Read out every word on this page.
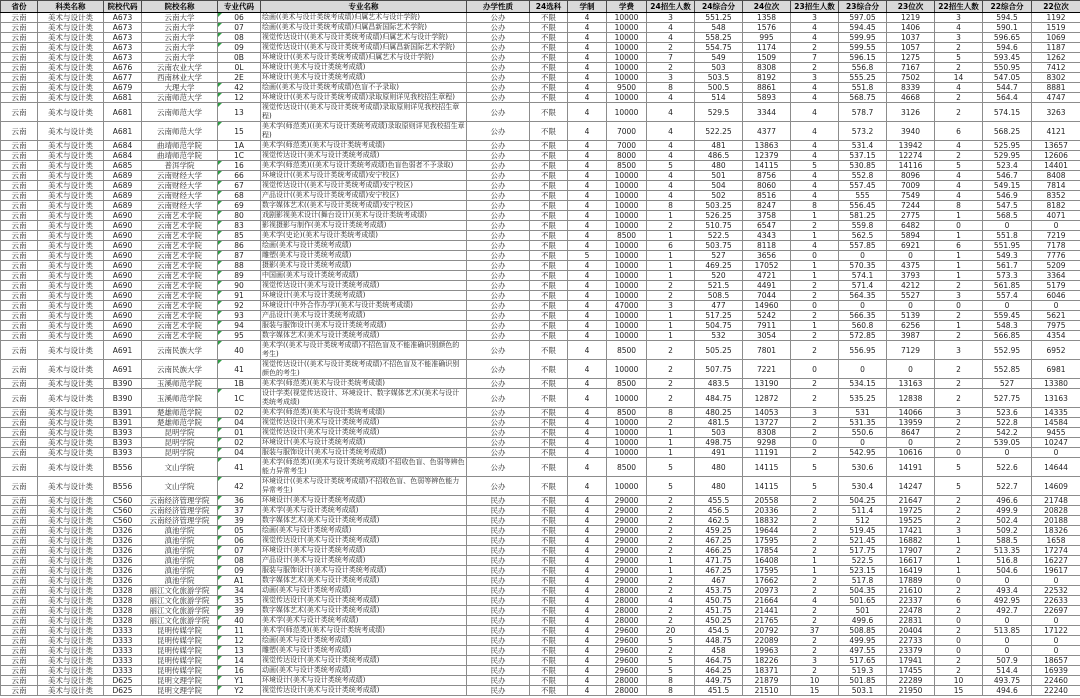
省份	科类名称	院校代码	院校名称	专业代码	专业名称	办学性质	24选科	学制	学费	24招生人数	24综合分	24位次	23招生人数	23综合分	23位次	22招生人数	22综合分	22位次
云南	美术与设计类	A673	云南大学	06	绘画((美术与设计类统考成绩)归属艺术与设计学院)	公办	不限	4	10000	3	551.25	1358	3	597.05	1219	3	594.5	1192
云南	美术与设计类	A673	云南大学	07	绘画((美术与设计类统考成绩)归属昌新国际艺术学院)	公办	不限	4	10000	4	548	1576	4	594.45	1406	4	590.1	1519
云南	美术与设计类	A673	云南大学	08	视觉传达设计((美术与设计类统考成绩)归属艺术与设计学院)	公办	不限	4	10000	4	558.25	995	4	599.95	1037	3	596.65	1069
云南	美术与设计类	A673	云南大学	09	视觉传达设计((美术与设计类统考成绩)归属昌新国际艺术学院)	公办	不限	4	10000	2	554.75	1174	2	599.55	1057	2	594.6	1187
云南	美术与设计类	A673	云南大学	0B	环境设计((美术与设计类统考成绩)归属艺术与设计学院)	公办	不限	4	10000	7	549	1509	7	596.15	1275	5	593.45	1262
云南	美术与设计类	A676	云南农业大学	0L	环境设计(美术与设计类统考成绩)	公办	不限	4	10000	2	503	8308	2	556.8	7167	2	550.95	7412
云南	美术与设计类	A677	西南林业大学	2E	环境设计(美术与设计类统考成绩)	公办	不限	4	10000	3	503.5	8192	3	555.25	7502	14	547.05	8302
云南	美术与设计类	A679	大理大学	42	绘画((美术与设计类统考成绩)色盲不予录取)	公办	不限	4	9500	8	500.5	8861	4	551.8	8339	4	544.7	8881
云南	美术与设计类	A681	云南师范大学	12	环境设计((美术与设计类统考成绩)录取原则详见我校招生章程)	公办	不限	4	10000	4	514	5893	4	568.75	4668	2	564.4	4747
云南	美术与设计类	A681	云南师范大学	13	视觉传达设计((美术与设计类统考成绩)录取原则详见我校招生章程)	公办	不限	4	10000	4	529.5	3344	4	578.7	3126	2	574.15	3263
云南	美术与设计类	A681	云南师范大学	15	美术学(师范类)((美术与设计类统考成绩)录取原则详见我校招生章程)	公办	不限	4	7000	4	522.25	4377	4	573.2	3940	6	568.25	4121
云南	美术与设计类	A684	曲靖师范学院	1A	美术学(师范类)(美术与设计类统考成绩)	公办	不限	4	7000	4	481	13863	4	531.4	13942	4	525.95	13657
云南	美术与设计类	A684	曲靖师范学院	1C	视觉传达设计(美术与设计类统考成绩)	公办	不限	4	8000	4	486.5	12379	4	537.15	12274	2	529.95	12606
云南	美术与设计类	A685	普洱学院	16	美术学(师范类)((美术与设计类统考成绩)色盲色弱者不予录取)	公办	不限	4	8500	5	480	14115	5	530.85	14116	5	523.4	14401
云南	美术与设计类	A689	云南财经大学	66	环境设计((美术与设计类统考成绩)安宁校区)	公办	不限	4	10000	4	501	8756	4	552.8	8096	4	546.7	8408
云南	美术与设计类	A689	云南财经大学	67	视觉传达设计((美术与设计类统考成绩)安宁校区)	公办	不限	4	10000	4	504	8060	4	557.45	7009	4	549.15	7814
云南	美术与设计类	A689	云南财经大学	68	产品设计((美术与设计类统考成绩)安宁校区)	公办	不限	4	10000	4	502	8516	4	555	7549	4	546.9	8352
云南	美术与设计类	A689	云南财经大学	69	数字媒体艺术((美术与设计类统考成绩)安宁校区)	公办	不限	4	10000	8	503.25	8247	8	556.45	7244	8	547.5	8182
云南	美术与设计类	A690	云南艺术学院	80	戏剧影视美术设计(舞台设计)(美术与设计类统考成绩)	公办	不限	4	10000	1	526.25	3758	1	581.25	2775	1	568.5	4071
云南	美术与设计类	A690	云南艺术学院	83	影视摄影与制作(美术与设计类统考成绩)	公办	不限	4	10000	2	510.75	6547	2	559.8	6482	0	0	0
云南	美术与设计类	A690	云南艺术学院	85	美术学(史论)(美术与设计类统考成绩)	公办	不限	4	8500	1	522.5	4343	1	562.5	5894	1	551.8	7219
云南	美术与设计类	A690	云南艺术学院	86	绘画(美术与设计类统考成绩)	公办	不限	4	10000	6	503.75	8118	4	557.85	6921	6	551.95	7178
云南	美术与设计类	A690	云南艺术学院	87	雕塑(美术与设计类统考成绩)	公办	不限	5	10000	1	527	3656	0	0	0	1	549.3	7776
云南	美术与设计类	A690	云南艺术学院	88	摄影(美术与设计类统考成绩)	公办	不限	4	10000	1	469.25	17052	1	570.35	4375	1	561.7	5209
云南	美术与设计类	A690	云南艺术学院	89	中国画(美术与设计类统考成绩)	公办	不限	4	10000	1	520	4721	1	574.1	3793	1	573.3	3364
云南	美术与设计类	A690	云南艺术学院	90	视觉传达设计(美术与设计类统考成绩)	公办	不限	4	10000	2	521.5	4491	2	571.4	4212	2	561.85	5179
云南	美术与设计类	A690	云南艺术学院	91	环境设计(美术与设计类统考成绩)	公办	不限	4	10000	2	508.5	7044	2	564.35	5527	3	557.4	6046
云南	美术与设计类	A690	云南艺术学院	92	环境设计(中外合作办学)(美术与设计类统考成绩)	公办	不限	4	47000	3	477	14960	0	0	0	0	0	0
云南	美术与设计类	A690	云南艺术学院	93	产品设计(美术与设计类统考成绩)	公办	不限	4	10000	1	517.25	5242	2	566.35	5139	2	559.45	5621
云南	美术与设计类	A690	云南艺术学院	94	服装与服饰设计(美术与设计类统考成绩)	公办	不限	4	10000	1	504.75	7911	1	560.8	6256	1	548.3	7975
云南	美术与设计类	A690	云南艺术学院	95	数字媒体艺术(美术与设计类统考成绩)	公办	不限	4	10000	1	532	3054	2	572.85	3987	2	566.85	4354
云南	美术与设计类	A691	云南民族大学	40	美术学((美术与设计类统考成绩)不招色盲及不能准确识别颜色的考生)	公办	不限	4	8500	2	505.25	7801	2	556.95	7129	3	552.95	6952
云南	美术与设计类	A691	云南民族大学	41	视觉传达设计((美术与设计类统考成绩)不招色盲及不能准确识别颜色的考生)	公办	不限	4	10000	2	507.75	7221	0	0	0	2	552.85	6981
云南	美术与设计类	B390	玉溪师范学院	1B	美术学(师范类)(美术与设计类统考成绩)	公办	不限	4	8500	2	483.5	13190	2	534.15	13163	2	527	13380
云南	美术与设计类	B390	玉溪师范学院	1C	设计学类(视觉传达设计、环境设计、数字媒体艺术)(美术与设计类统考成绩)	公办	不限	4	10000	2	484.75	12872	2	535.25	12838	2	527.75	13163
云南	美术与设计类	B391	楚雄师范学院	02	美术学(师范类)(美术与设计类统考成绩)	公办	不限	4	8500	8	480.25	14053	3	531	14066	3	523.6	14335
云南	美术与设计类	B391	楚雄师范学院	04	视觉传达设计(美术与设计类统考成绩)	公办	不限	4	10000	2	481.5	13727	2	531.35	13959	2	522.8	14584
云南	美术与设计类	B393	昆明学院	01	视觉传达设计(美术与设计类统考成绩)	公办	不限	4	10000	1	503	8308	2	550.6	8647	2	542.2	9455
云南	美术与设计类	B393	昆明学院	02	环境设计(美术与设计类统考成绩)	公办	不限	4	10000	1	498.75	9298	0	0	0	2	539.05	10247
云南	美术与设计类	B393	昆明学院	04	服装与服饰设计(美术与设计类统考成绩)	公办	不限	4	10000	1	491	11191	2	542.95	10616	0	0	0
云南	美术与设计类	B556	文山学院	41	美术学(师范类)((美术与设计类统考成绩)不招收色盲、色弱等辨色能力异常考生)	公办	不限	4	8500	5	480	14115	5	530.6	14191	5	522.6	14644
云南	美术与设计类	B556	文山学院	42	环境设计((美术与设计类统考成绩)不招收色盲、色弱等辨色能力异常考生)	公办	不限	4	10000	5	480	14115	5	530.4	14247	5	522.7	14609
云南	美术与设计类	C560	云南经济管理学院	36	环境设计(美术与设计类统考成绩)	民办	不限	4	29000	2	455.5	20558	2	504.25	21647	2	496.6	21748
云南	美术与设计类	C560	云南经济管理学院	37	美术学(美术与设计类统考成绩)	民办	不限	4	29000	2	456.5	20336	2	511.4	19725	2	499.9	20828
云南	美术与设计类	C560	云南经济管理学院	39	数字媒体艺术(美术与设计类统考成绩)	民办	不限	4	29000	2	462.5	18832	2	512	19525	2	502.4	20188
云南	美术与设计类	D326	滇池学院	05	绘画(美术与设计类统考成绩)	民办	不限	4	29000	2	459.25	19644	2	519.45	17421	3	509.2	18326
云南	美术与设计类	D326	滇池学院	06	视觉传达设计(美术与设计类统考成绩)	民办	不限	4	29000	2	467.25	17595	2	521.45	16882	1	588.5	1658
云南	美术与设计类	D326	滇池学院	07	环境设计(美术与设计类统考成绩)	民办	不限	4	29000	2	466.25	17854	2	517.75	17907	2	513.35	17274
云南	美术与设计类	D326	滇池学院	08	产品设计(美术与设计类统考成绩)	民办	不限	4	29000	1	471.75	16408	1	522.5	16617	1	516.8	16227
云南	美术与设计类	D326	滇池学院	09	服装与服饰设计(美术与设计类统考成绩)	民办	不限	4	29000	1	467.25	17595	1	523.15	16419	1	504.6	19617
云南	美术与设计类	D326	滇池学院	A1	数字媒体艺术(美术与设计类统考成绩)	民办	不限	4	29000	2	467	17662	2	517.8	17889	0	0	0
云南	美术与设计类	D328	丽江文化旅游学院	34	动画(美术与设计类统考成绩)	民办	不限	4	28000	2	453.75	20973	2	504.35	21610	2	493.4	22532
云南	美术与设计类	D328	丽江文化旅游学院	35	视觉传达设计(美术与设计类统考成绩)	民办	不限	4	28000	4	450.75	21664	4	501.65	22337	6	492.95	22633
云南	美术与设计类	D328	丽江文化旅游学院	39	数字媒体艺术(美术与设计类统考成绩)	民办	不限	4	28000	2	451.75	21441	2	501	22478	2	492.7	22697
云南	美术与设计类	D328	丽江文化旅游学院	40	美术学(美术与设计类统考成绩)	民办	不限	4	28000	2	450.25	21765	2	499.6	22831	0	0	0
云南	美术与设计类	D333	昆明传媒学院	11	美术学(师范类)(美术与设计类统考成绩)	民办	不限	4	29600	20	454.5	20792	37	508.85	20404	2	513.85	17122
云南	美术与设计类	D333	昆明传媒学院	12	绘画(美术与设计类统考成绩)	民办	不限	4	29600	5	448.75	22089	2	499.95	22733	0	0	0
云南	美术与设计类	D333	昆明传媒学院	13	雕塑(美术与设计类统考成绩)	民办	不限	4	29600	2	458	19963	2	497.55	23379	0	0	0
云南	美术与设计类	D333	昆明传媒学院	14	视觉传达设计(美术与设计类统考成绩)	民办	不限	4	29600	5	464.75	18226	3	517.65	17941	2	507.9	18657
云南	美术与设计类	D333	昆明传媒学院	16	动画(美术与设计类统考成绩)	民办	不限	4	29600	5	464.25	18371	2	519.3	17455	2	514.4	16939
云南	美术与设计类	D625	昆明文理学院	Y1	环境设计(美术与设计类统考成绩)	民办	不限	4	28000	8	449.75	21879	10	501.85	22289	10	493.75	22460
云南	美术与设计类	D625	昆明文理学院	Y2	视觉传达设计(美术与设计类统考成绩)	民办	不限	4	28000	8	451.5	21510	15	503.1	21950	15	494.6	22240
